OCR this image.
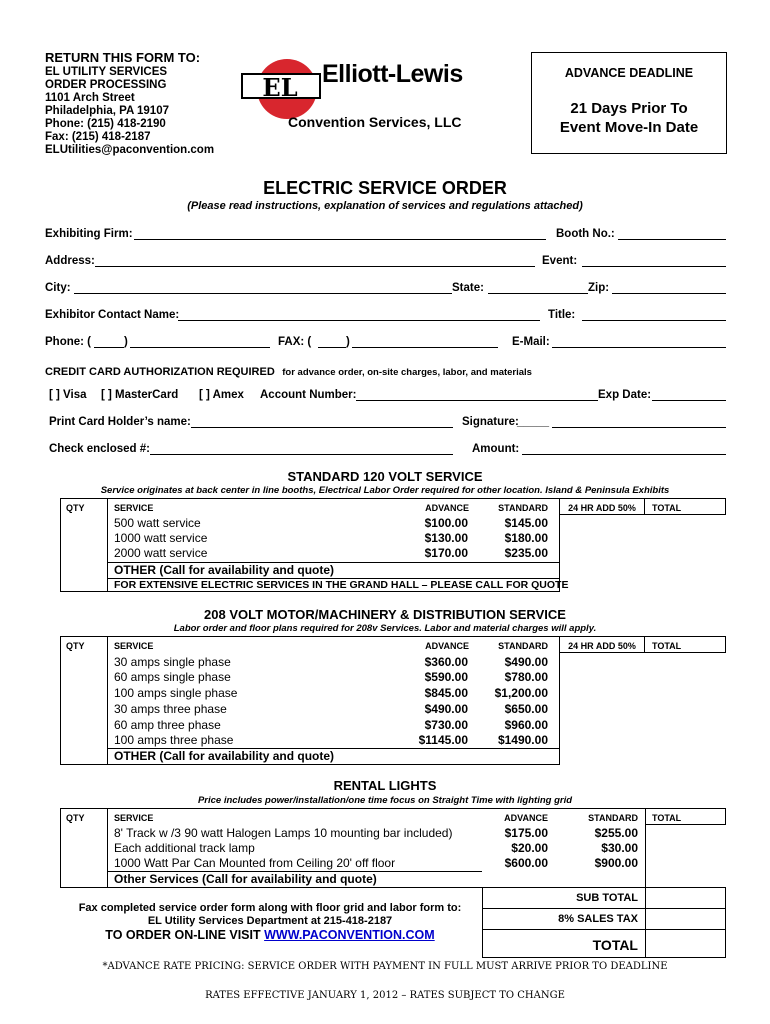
RETURN THIS FORM TO:
EL UTILITY SERVICES
ORDER PROCESSING
1101 Arch Street
Philadelphia, PA 19107
Phone: (215) 418-2190
Fax: (215) 418-2187
ELUtilities@paconvention.com
EL Elliott-Lewis
Convention Services, LLC
ADVANCE DEADLINE
21 Days Prior To
Event Move-In Date
ELECTRIC SERVICE ORDER
(Please read instructions, explanation of services and regulations attached)
Exhibiting Firm:	Booth No.:
Address:	Event:
City:	State:	Zip:
Exhibitor Contact Name:	Title:
Phone: (	)	FAX: (	)	E-Mail:
CREDIT CARD AUTHORIZATION REQUIRED for advance order, on-site charges, labor, and materials
[ ] Visa [ ] MasterCard [ ] Amex Account Number:	Exp Date:
Print Card Holder’s name:	Signature:
_____
Check enclosed #:	Amount:
STANDARD 120 VOLT SERVICE
Service originates at back center in line booths, Electrical Labor Order required for other location. Island & Peninsula Exhibits
QTY	SERVICE	ADVANCE	STANDARD	24 HR ADD 50%	TOTAL
500 watt service	$100.00	$145.00
1000 watt service	$130.00	$180.00
2000 watt service	$170.00	$235.00
OTHER (Call for availability and quote)
FOR EXTENSIVE ELECTRIC SERVICES IN THE GRAND HALL – PLEASE CALL FOR QUOTE
208 VOLT MOTOR/MACHINERY & DISTRIBUTION SERVICE
Labor order and floor plans required for 208v Services. Labor and material charges will apply.
QTY	SERVICE	ADVANCE	STANDARD	24 HR ADD 50%	TOTAL
30 amps single phase	$360.00	$490.00
60 amps single phase	$590.00	$780.00
100 amps single phase	$845.00	$1,200.00
30 amps three phase	$490.00	$650.00
60 amp three phase	$730.00	$960.00
100 amps three phase	$1145.00	$1490.00
OTHER (Call for availability and quote)
RENTAL LIGHTS
Price includes power/installation/one time focus on Straight Time with lighting grid
QTY	SERVICE	ADVANCE	STANDARD TOTAL
8' Track w /3 90 watt Halogen Lamps 10 mounting bar included)	$175.00	$255.00
Each additional track lamp	$20.00	$30.00
1000 Watt Par Can Mounted from Ceiling 20' off floor	$600.00	$900.00
Other Services (Call for availability and quote)
SUB TOTAL
8% SALES TAX
TOTAL
Fax completed service order form along with floor grid and labor form to:
EL Utility Services Department at 215-418-2187
TO ORDER ON-LINE VISIT WWW.PACONVENTION.COM
*ADVANCE RATE PRICING: SERVICE ORDER WITH PAYMENT IN FULL MUST ARRIVE PRIOR TO DEADLINE
RATES EFFECTIVE JANUARY 1, 2012 – RATES SUBJECT TO CHANGE
